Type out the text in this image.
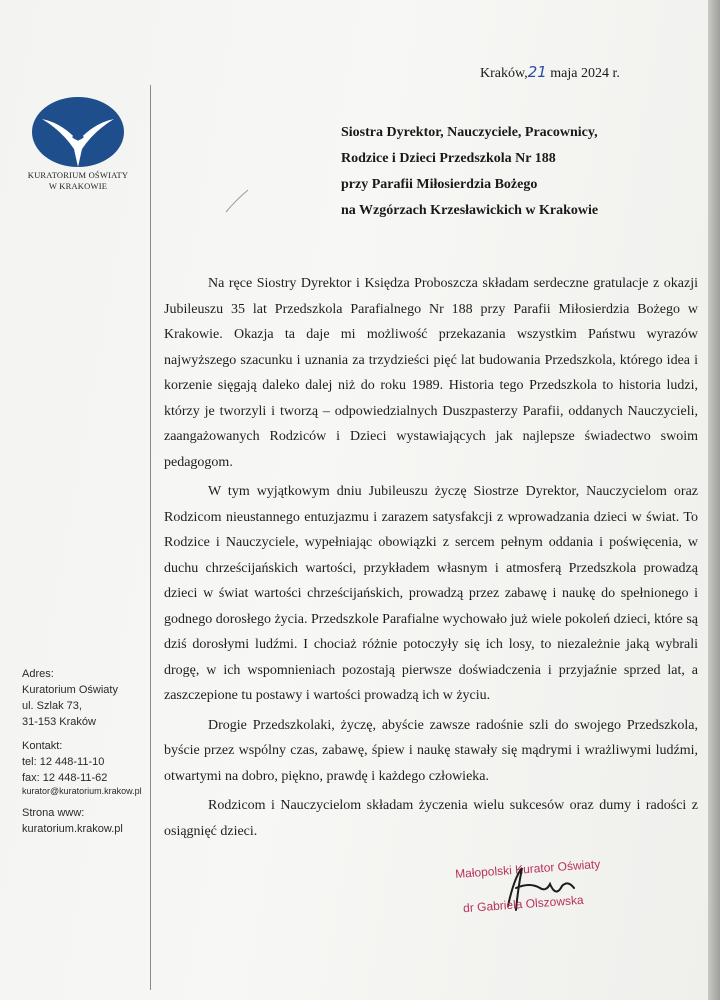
KURATORIUM OŚWIATY
W KRAKOWIE
Kraków,21 maja 2024 r.
Siostra Dyrektor, Nauczyciele, Pracownicy,
Rodzice i Dzieci Przedszkola Nr 188
przy Parafii Miłosierdzia Bożego
na Wzgórzach Krzesławickich w Krakowie

Na ręce Siostry Dyrektor i Księdza Proboszcza składam serdeczne gratulacje z okazji Jubileuszu 35 lat Przedszkola Parafialnego Nr 188 przy Parafii Miłosierdzia Bożego w Krakowie. Okazja ta daje mi możliwość przekazania wszystkim Państwu wyrazów najwyższego szacunku i uznania za trzydzieści pięć lat budowania Przedszkola, którego idea i korzenie sięgają daleko dalej niż do roku 1989. Historia tego Przedszkola to historia ludzi, którzy je tworzyli i tworzą – odpowiedzialnych Duszpasterzy Parafii, oddanych Nauczycieli, zaangażowanych Rodziców i Dzieci wystawiających jak najlepsze świadectwo swoim pedagogom.

W tym wyjątkowym dniu Jubileuszu życzę Siostrze Dyrektor, Nauczycielom oraz Rodzicom nieustannego entuzjazmu i zarazem satysfakcji z wprowadzania dzieci w świat. To Rodzice i Nauczyciele, wypełniając obowiązki z sercem pełnym oddania i poświęcenia, w duchu chrześcijańskich wartości, przykładem własnym i atmosferą Przedszkola prowadzą dzieci w świat wartości chrześcijańskich, prowadzą przez zabawę i naukę do spełnionego i godnego dorosłego życia. Przedszkole Parafialne wychowało już wiele pokoleń dzieci, które są dziś dorosłymi ludźmi. I chociaż różnie potoczyły się ich losy, to niezależnie jaką wybrali drogę, w ich wspomnieniach pozostają pierwsze doświadczenia i przyjaźnie sprzed lat, a zaszczepione tu postawy i wartości prowadzą ich w życiu.

Drogie Przedszkolaki, życzę, abyście zawsze radośnie szli do swojego Przedszkola, byście przez wspólny czas, zabawę, śpiew i naukę stawały się mądrymi i wrażliwymi ludźmi, otwartymi na dobro, piękno, prawdę i każdego człowieka.

Rodzicom i Nauczycielom składam życzenia wielu sukcesów oraz dumy i radości z osiągnięć dzieci.

Adres:
Kuratorium Oświaty
ul. Szlak 73,
31-153 Kraków
Kontakt:
tel: 12 448-11-10
fax: 12 448-11-62
kurator@kuratorium.krakow.pl
Strona www:
kuratorium.krakow.pl
Małopolski Kurator Oświaty
dr Gabriela Olszowska
